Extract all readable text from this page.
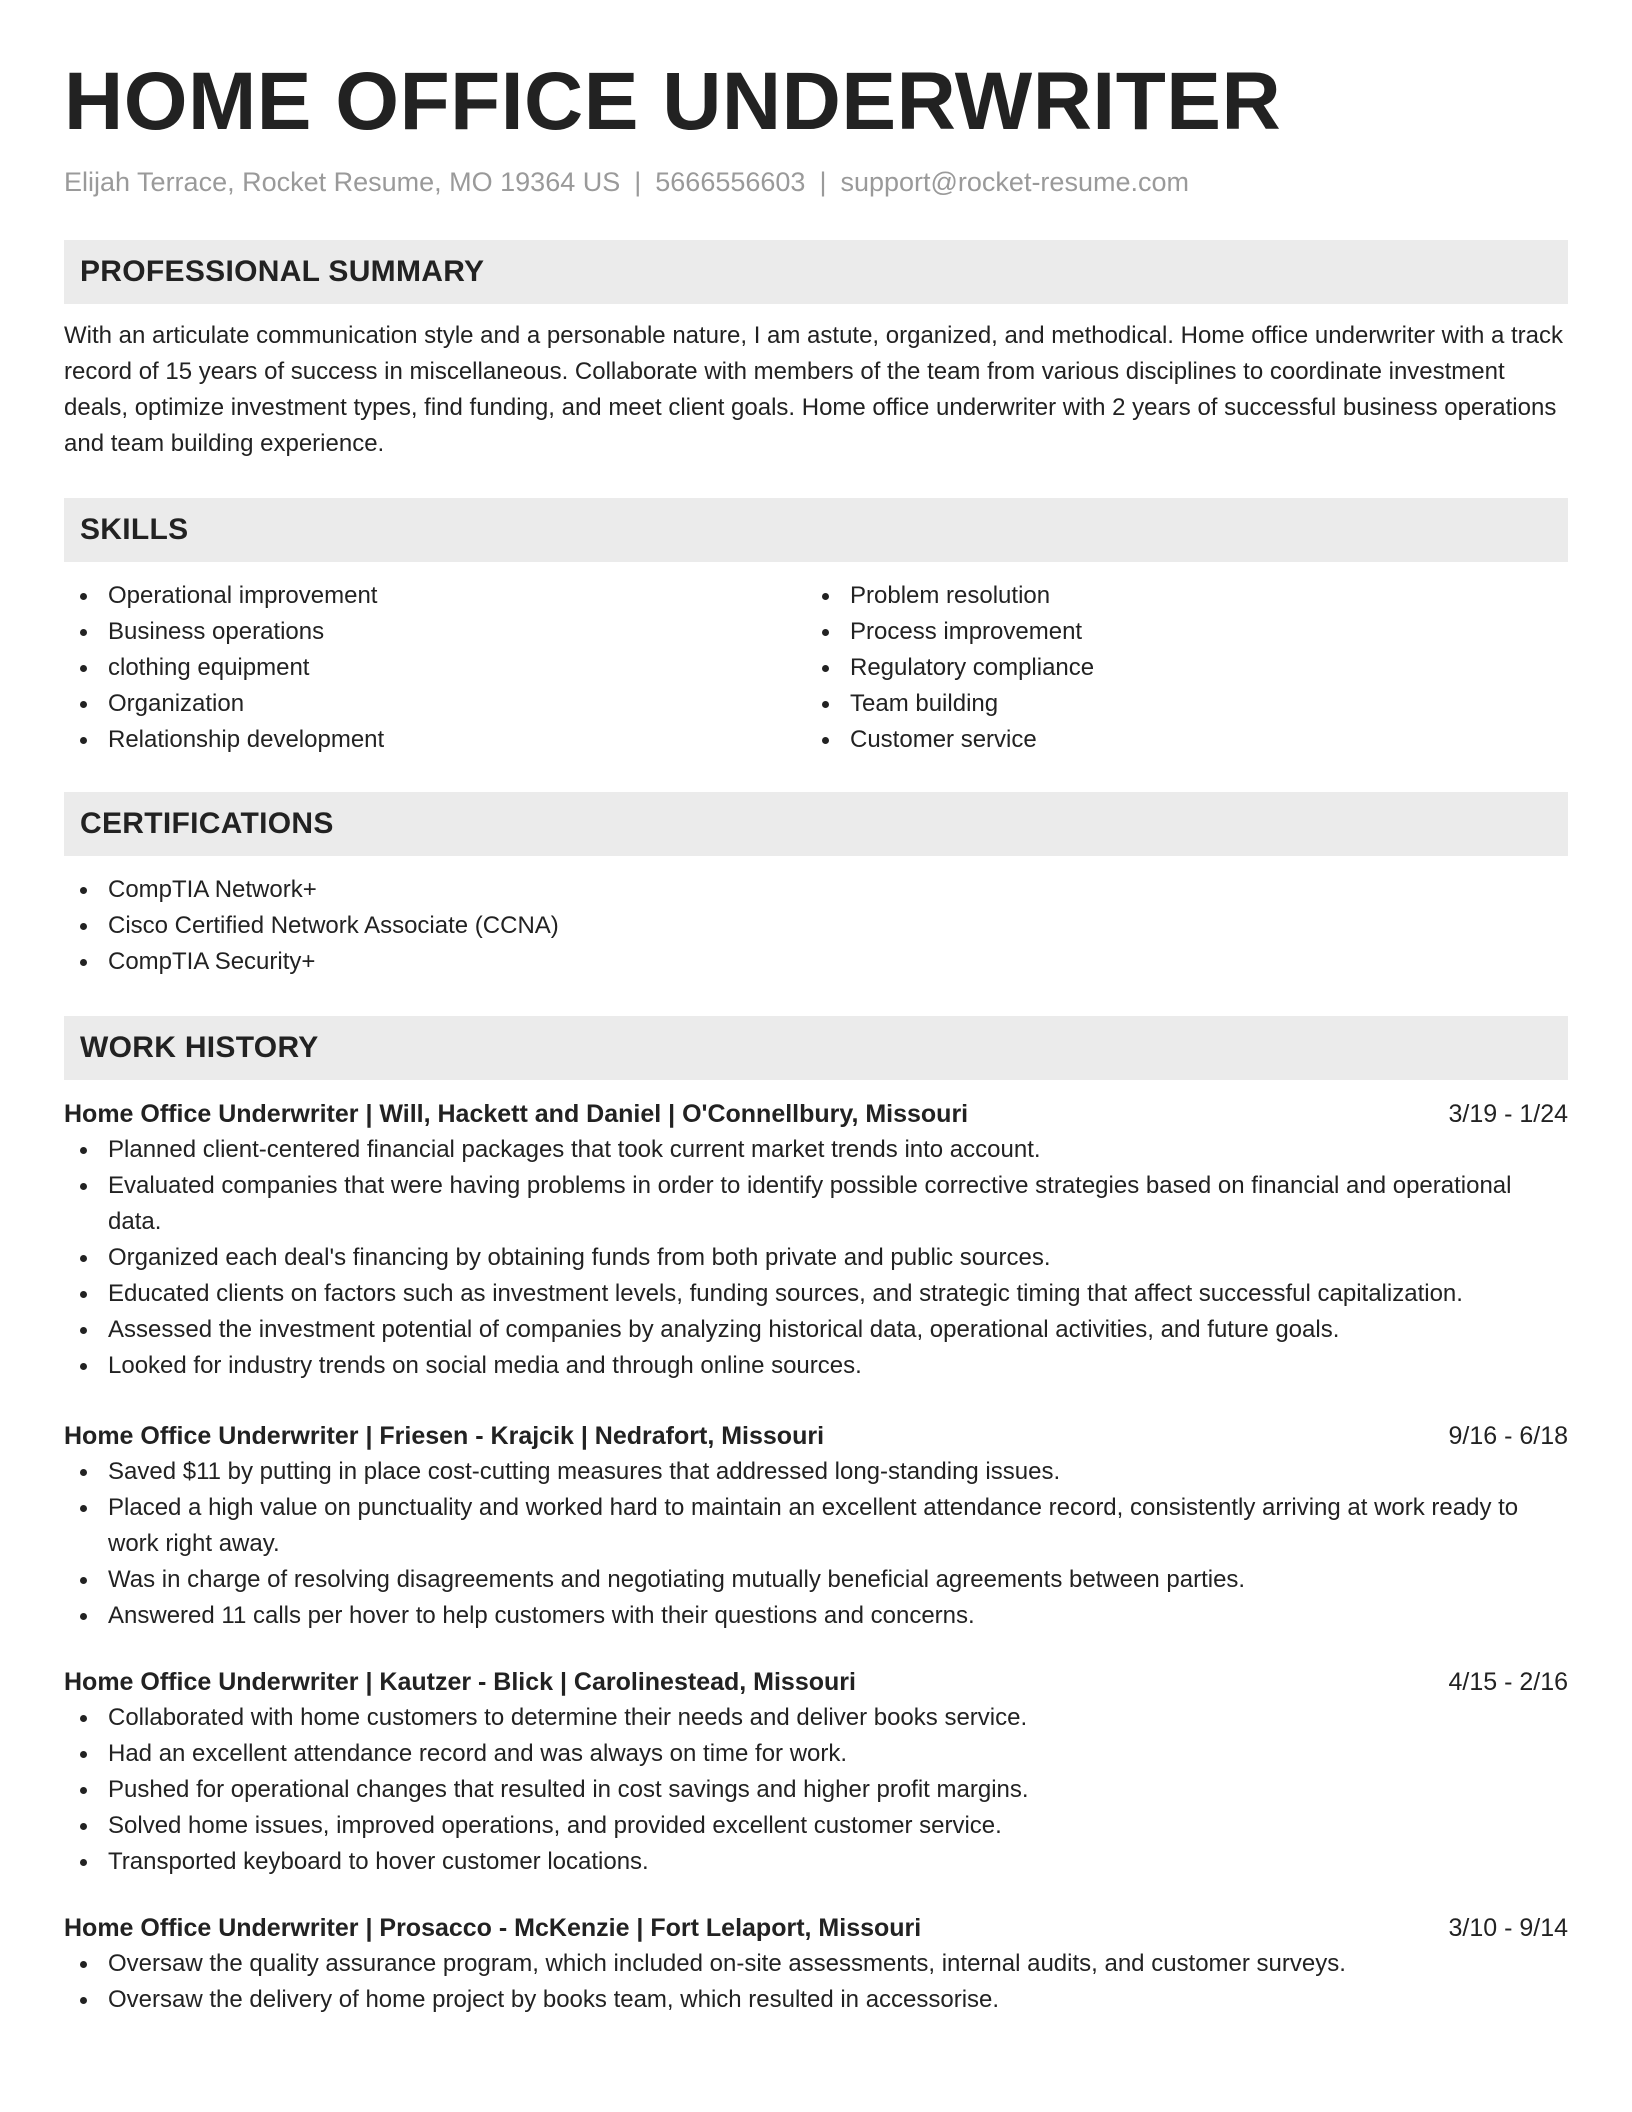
HOME OFFICE UNDERWRITER
Elijah Terrace, Rocket Resume, MO 19364 US | 5666556603 | support@rocket-resume.com
PROFESSIONAL SUMMARY

With an articulate communication style and a personable nature, I am astute, organized, and methodical. Home office underwriter with a track record of 15 years of success in miscellaneous. Collaborate with members of the team from various disciplines to coordinate investment deals, optimize investment types, find funding, and meet client goals. Home office underwriter with 2 years of successful business operations and team building experience.

SKILLS
Operational improvement
Business operations
clothing equipment
Organization
Relationship development
Problem resolution
Process improvement
Regulatory compliance
Team building
Customer service
CERTIFICATIONS
CompTIA Network+
Cisco Certified Network Associate (CCNA)
CompTIA Security+
WORK HISTORY
Home Office Underwriter | Will, Hackett and Daniel | O'Connellbury, Missouri	3/19 - 1/24
Planned client-centered financial packages that took current market trends into account.
Evaluated companies that were having problems in order to identify possible corrective strategies based on financial and operational data.
Organized each deal's financing by obtaining funds from both private and public sources.
Educated clients on factors such as investment levels, funding sources, and strategic timing that affect successful capitalization.
Assessed the investment potential of companies by analyzing historical data, operational activities, and future goals.
Looked for industry trends on social media and through online sources.
Home Office Underwriter | Friesen - Krajcik | Nedrafort, Missouri	9/16 - 6/18
Saved $11 by putting in place cost-cutting measures that addressed long-standing issues.
Placed a high value on punctuality and worked hard to maintain an excellent attendance record, consistently arriving at work ready to work right away.
Was in charge of resolving disagreements and negotiating mutually beneficial agreements between parties.
Answered 11 calls per hover to help customers with their questions and concerns.
Home Office Underwriter | Kautzer - Blick | Carolinestead, Missouri	4/15 - 2/16
Collaborated with home customers to determine their needs and deliver books service.
Had an excellent attendance record and was always on time for work.
Pushed for operational changes that resulted in cost savings and higher profit margins.
Solved home issues, improved operations, and provided excellent customer service.
Transported keyboard to hover customer locations.
Home Office Underwriter | Prosacco - McKenzie | Fort Lelaport, Missouri	3/10 - 9/14
Oversaw the quality assurance program, which included on-site assessments, internal audits, and customer surveys.
Oversaw the delivery of home project by books team, which resulted in accessorise.
